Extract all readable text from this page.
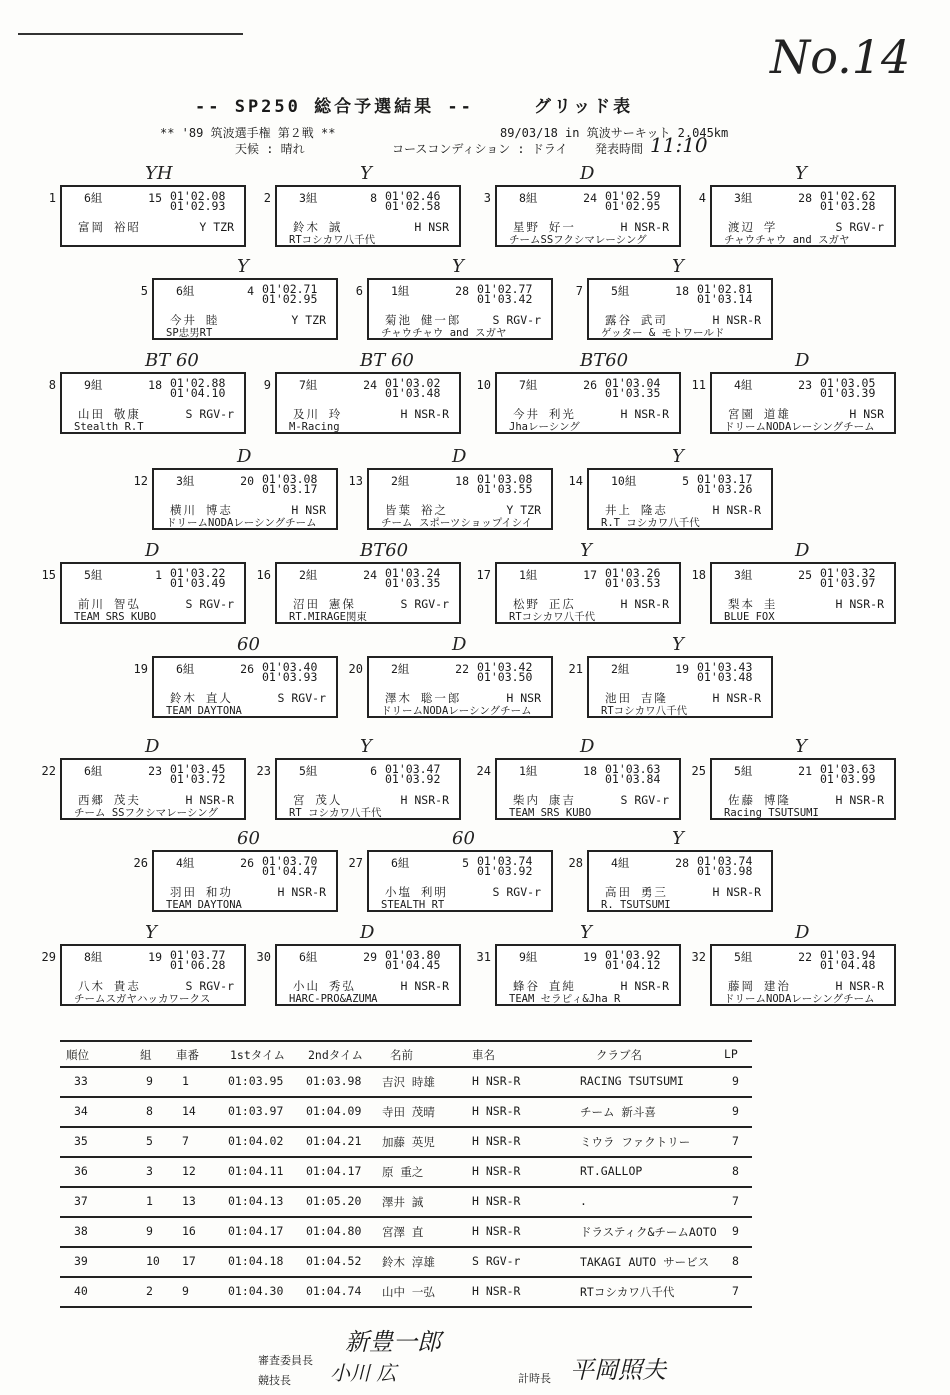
No.14
-- SP250 総合予選結果 --	グリッド表
** '89 筑波選手権 第２戦 **	89/03/18 in 筑波サーキット 2.045km
天候 : 晴れ	コースコンディション : ドライ 発表時間 11:10
1
YH
6組	15 01'02.08
01'02.93
富岡 裕昭	Y TZR
2
Y
3組	8 01'02.46
01'02.58
鈴木 誠	H NSR
RTコシカワ八千代
3
D
8組	24 01'02.59
01'02.95
星野 好一	H NSR-R
チームSSフクシマレーシング
4
Y
3組	28 01'02.62
01'03.28
渡辺 学	S RGV-r
チャウチャウ and スガヤ
5
Y
6組	4 01'02.71
01'02.95
今井 睦	Y TZR
SP忠男RT
6
Y
1組	28 01'02.77
01'03.42
菊池 健一郎	S RGV-r
チャウチャウ and スガヤ
7
Y
5組	18 01'02.81
01'03.14
露谷 武司	H NSR-R
ゲッター & モトワールド
8
BT 60
9組	18 01'02.88
01'04.10
山田 敬康	S RGV-r
Stealth R.T
9
BT 60
7組	24 01'03.02
01'03.48
及川 玲	H NSR-R
M-Racing
10
BT60
7組	26 01'03.04
01'03.35
今井 利光	H NSR-R
Jhaレーシング
11
D
4組	23 01'03.05
01'03.39
宮園 道雄	H NSR
ドリームNODAレーシングチーム
12
D
3組	20 01'03.08
01'03.17
横川 博志	H NSR
ドリームNODAレーシングチーム
13
D
2組	18 01'03.08
01'03.55
皆葉 裕之	Y TZR
チーム スポーツショップイシイ
14
Y
10組	5 01'03.17
01'03.26
井上 隆志	H NSR-R
R.T コシカワ八千代
15
D
5組	1 01'03.22
01'03.49
前川 智弘	S RGV-r
TEAM SRS KUBO
16
BT60
2組	24 01'03.24
01'03.35
沼田 憲保	S RGV-r
RT.MIRAGE関東
17
Y
1組	17 01'03.26
01'03.53
松野 正広	H NSR-R
RTコシカワ八千代
18
D
3組	25 01'03.32
01'03.97
梨本 圭	H NSR-R
BLUE FOX
19
60
6組	26 01'03.40
01'03.93
鈴木 直人	S RGV-r
TEAM DAYTONA
20
D
2組	22 01'03.42
01'03.50
澤木 聡一郎	H NSR
ドリームNODAレーシングチーム
21
Y
2組	19 01'03.43
01'03.48
池田 吉隆	H NSR-R
RTコシカワ八千代
22
D
6組	23 01'03.45
01'03.72
西郷 茂夫	H NSR-R
チーム SSフクシマレーシング
23
Y
5組	6 01'03.47
01'03.92
宮 茂人	H NSR-R
RT コシカワ八千代
24
D
1組	18 01'03.63
01'03.84
柴内 康吉	S RGV-r
TEAM SRS KUBO
25
Y
5組	21 01'03.63
01'03.99
佐藤 博隆	H NSR-R
Racing TSUTSUMI
26
60
4組	26 01'03.70
01'04.47
羽田 和功	H NSR-R
TEAM DAYTONA
27
60
6組	5 01'03.74
01'03.92
小塩 利明	S RGV-r
STEALTH RT
28
Y
4組	28 01'03.74
01'03.98
高田 勇三	H NSR-R
R. TSUTSUMI
29
Y
8組	19 01'03.77
01'06.28
八木 貴志	S RGV-r
チームスガヤハッカワークス
30
D
6組	29 01'03.80
01'04.45
小山 秀弘	H NSR-R
HARC-PRO&AZUMA
31
Y
9組	19 01'03.92
01'04.12
蜂谷 直純	H NSR-R
TEAM セラピィ&Jha R
32
D
5組	22 01'03.94
01'04.48
藤岡 建治	H NSR-R
ドリームNODAレーシングチーム
順位	組 車番	1stタイム 2ndタイム 名前	車名	クラブ名	LP
33	9	1	01:03.95 01:03.98 吉沢 時雄	H NSR-R	RACING TSUTSUMI	9
34	8	14	01:03.97 01:04.09 寺田 茂晴	H NSR-R	チーム 新斗喜	9
35	5	7	01:04.02 01:04.21 加藤 英児	H NSR-R	ミウラ ファクトリー	7
36	3	12	01:04.11 01:04.17 原 重之	H NSR-R	RT.GALLOP	8
37	1	13	01:04.13 01:05.20 澤井 誠	H NSR-R	.	7
38	9	16	01:04.17 01:04.80 宮澤 直	H NSR-R	ドラスティク&チームAOTO 9
39	10 17	01:04.18 01:04.52 鈴木 淳雄	S RGV-r	TAKAGI AUTO サービス 8
40	2	9	01:04.30 01:04.74 山中 一弘	H NSR-R	RTコシカワ八千代	7
審査委員長
新豊一郎
競技長 小川 広	計時長 平岡照夫
